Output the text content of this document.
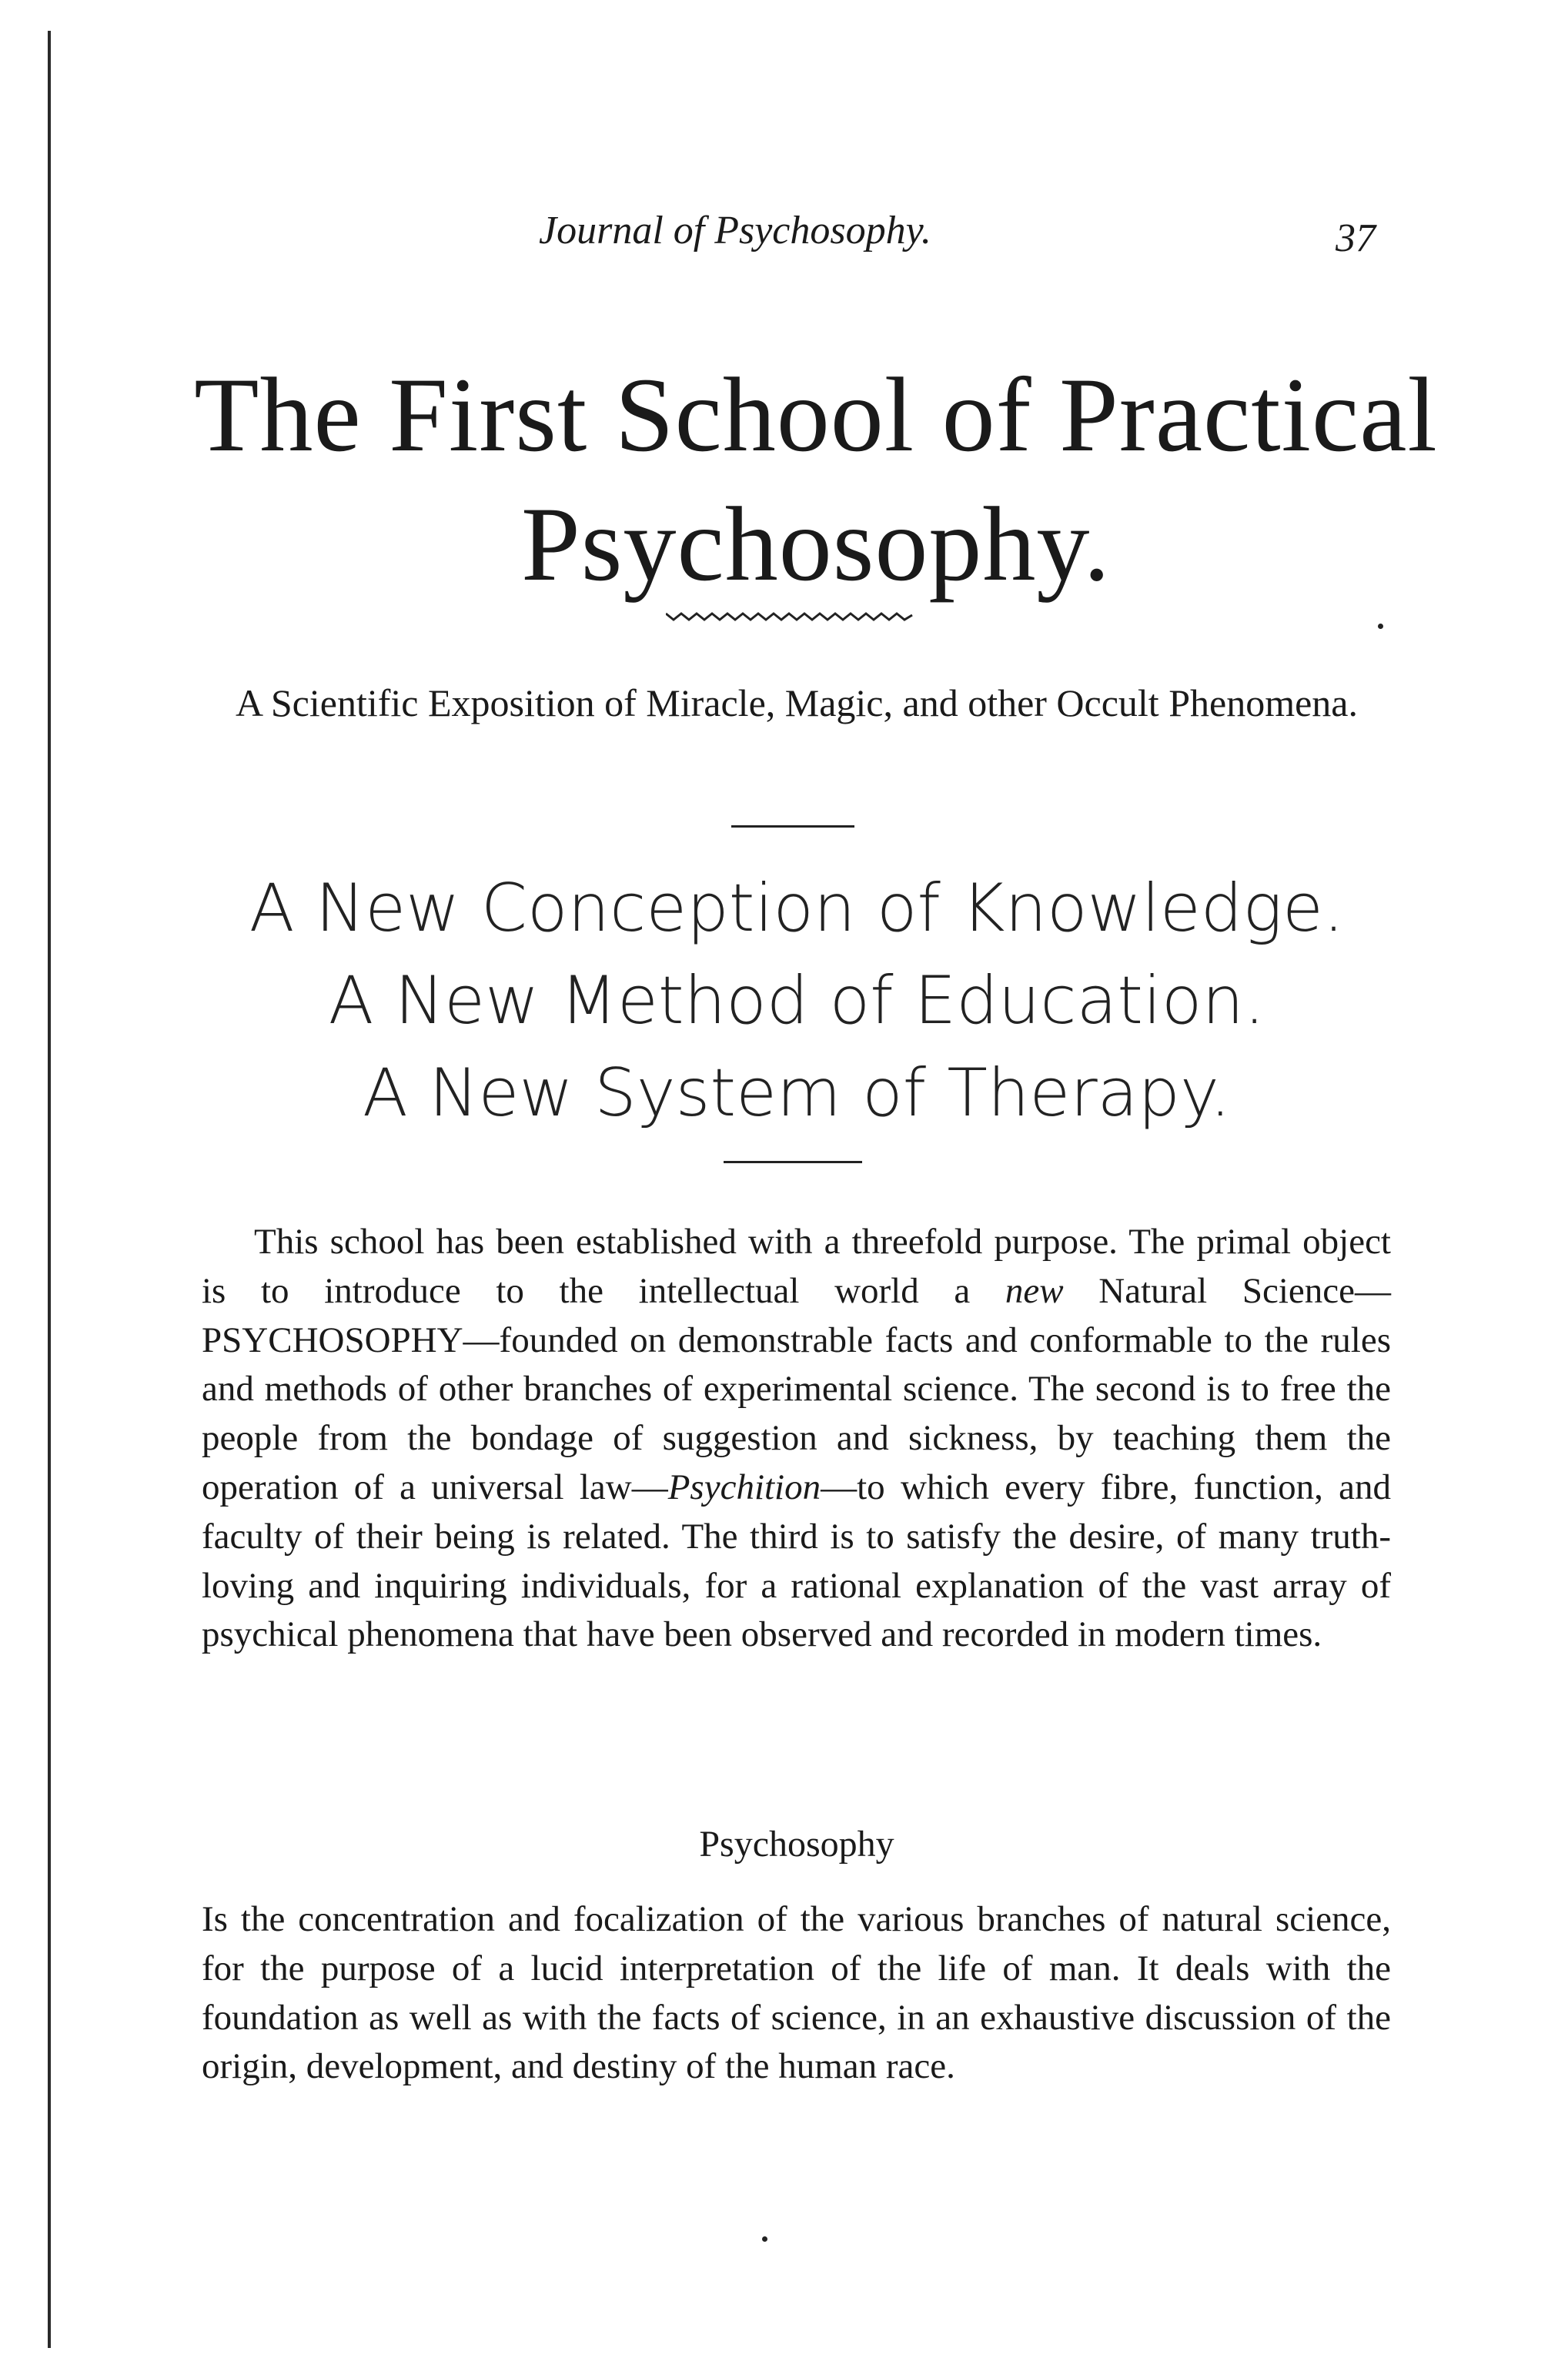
Journal of Psychosophy.	37
The First School of Practical
Psychosophy.
A Scientific Exposition of Miracle, Magic, and other Occult Phenomena.
A New Conception of Knowledge.
A New Method of Education.
A New System of Therapy.
This school has been established with a threefold purpose. The primal object is to introduce to the intellectual world a new Natural Science—PSYCHOSOPHY—founded on demonstrable facts and conformable to the rules and methods of other branches of experimental science. The second is to free the people from the bondage of suggestion and sickness, by teaching them the operation of a universal law—Psychition—to which every fibre, function, and faculty of their being is related. The third is to satisfy the desire, of many truth-loving and inquiring individuals, for a rational explanation of the vast array of psychical phenomena that have been observed and recorded in modern times.
Psychosophy
Is the concentration and focalization of the various branches of natural science, for the purpose of a lucid interpretation of the life of man. It deals with the foundation as well as with the facts of science, in an exhaustive discussion of the origin, development, and destiny of the human race.
